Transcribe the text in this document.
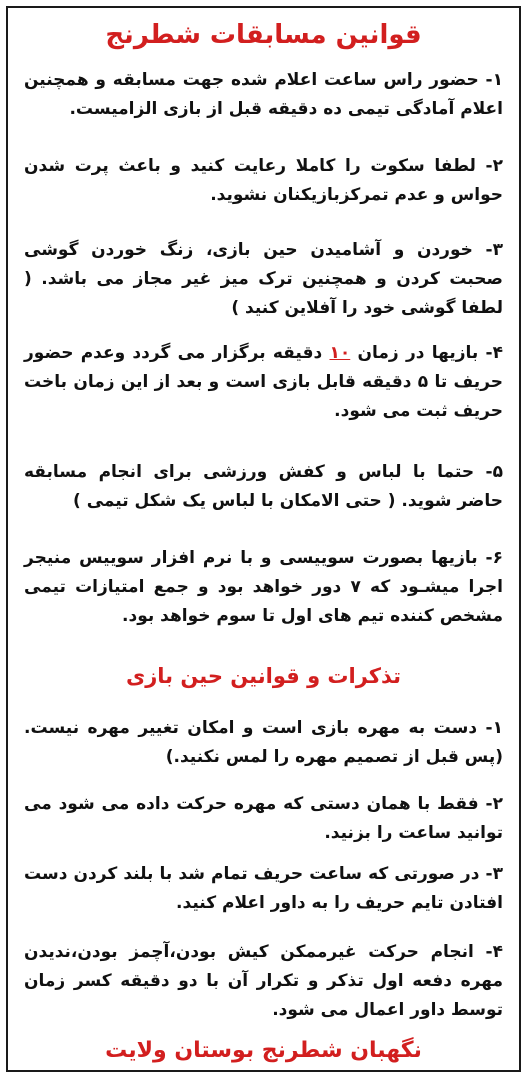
قوانین مسابقات شطرنج
۱- حضور راس ساعت اعلام شده جهت مسابقه و همچنین اعلام آمادگی تیمی ده دقیقه قبل از بازی الزامیست.
۲- لطفا سکوت را کاملا رعایت کنید و باعث پرت شدن حواس و عدم تمرکزبازیکنان نشوید.
۳- خوردن و آشامیدن حین بازی، زنگ خوردن گوشی صحبت کردن و همچنین ترک میز غیر مجاز می باشد. ( لطفا گوشی خود را آفلاین کنید )
۴- بازیها در زمان ۱۰ دقیقه برگزار می گردد وعدم حضور حریف تا ۵ دقیقه قابل بازی است و بعد از این زمان باخت حریف ثبت می شود.
۵- حتما با لباس و کفش ورزشی برای انجام مسابقه حاضر شوید. ( حتی الامکان با لباس یک شکل تیمی )
۶- بازیها بصورت سوییسی و با نرم افزار سوییس منیجر اجرا میشـود که ۷ دور خواهد بود و جمع امتیازات تیمی مشخص کننده تیم های اول تا سوم خواهد بود.
تذکرات و قوانین حین بازی
۱- دست به مهره بازی است و امکان تغییر مهره نیست. (پس قبل از تصمیم مهره را لمس نکنید.)
۲- فقط با همان دستی که مهره حرکت داده می شود می توانید ساعت را بزنید.
۳- در صورتی که ساعت حریف تمام شد با بلند کردن دست افتادن تایم حریف را به داور اعلام کنید.
۴- انجام حرکت غیرممکن کیش بودن،آچمز بودن،ندیدن مهره دفعه اول تذکر و تکرار آن با دو دقیقه کسر زمان توسط داور اعمال می شود.
نگهبان شطرنج بوستان ولایت
